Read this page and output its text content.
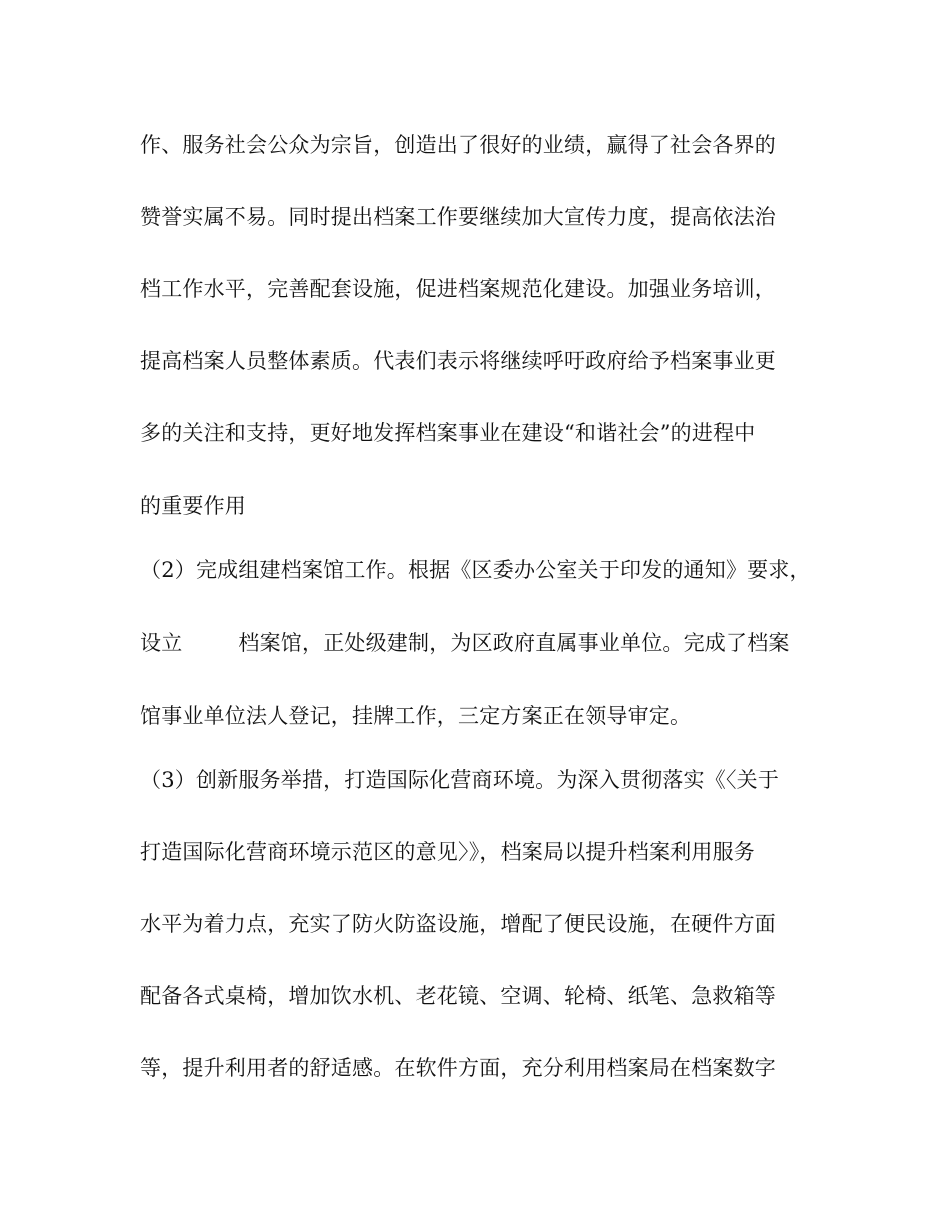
作、服务社会公众为宗旨，创造出了很好的业绩，赢得了社会各界的
赞誉实属不易。同时提出档案工作要继续加大宣传力度，提高依法治
档工作水平，完善配套设施，促进档案规范化建设。加强业务培训，
提高档案人员整体素质。代表们表示将继续呼吁政府给予档案事业更
多的关注和支持，更好地发挥档案事业在建设“和谐社会”的进程中
的重要作用
（2）完成组建档案馆工作。根据《区委办公室关于印发的通知》要求，
设立	档案馆，正处级建制，为区政府直属事业单位。完成了档案
馆事业单位法人登记，挂牌工作，三定方案正在领导审定。
（3）创新服务举措，打造国际化营商环境。为深入贯彻落实《〈关于
打造国际化营商环境示范区的意见〉》，档案局以提升档案利用服务
水平为着力点，充实了防火防盗设施，增配了便民设施，在硬件方面
配备各式桌椅，增加饮水机、老花镜、空调、轮椅、纸笔、急救箱等
等，提升利用者的舒适感。在软件方面，充分利用档案局在档案数字
